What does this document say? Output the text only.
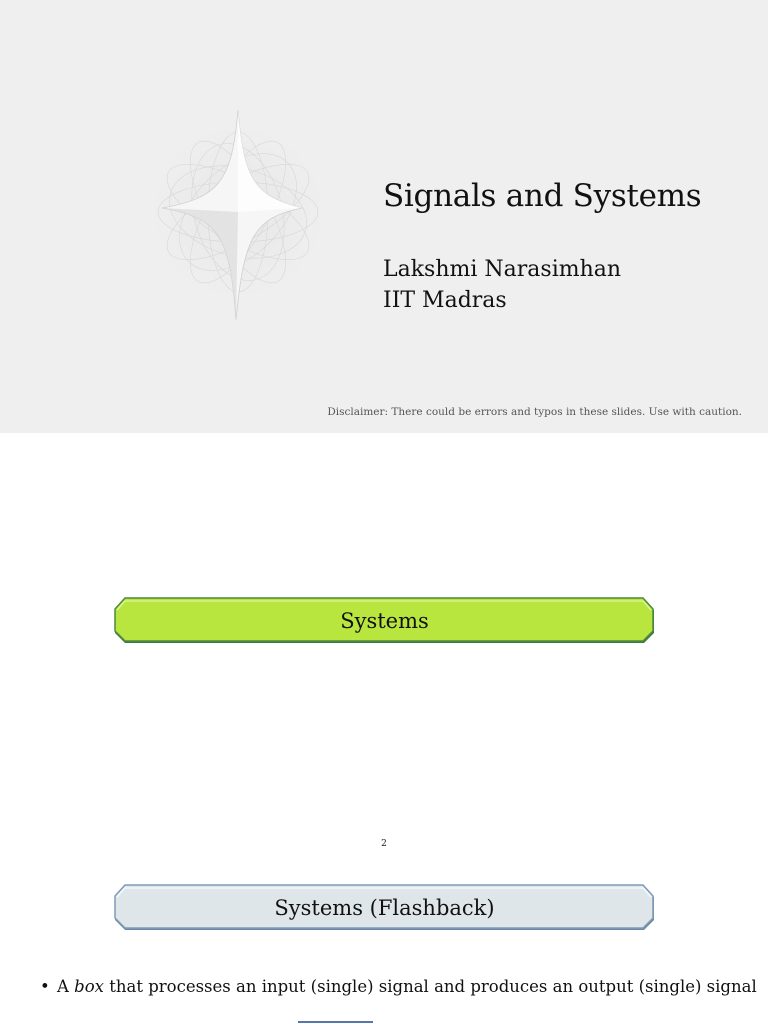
Signals and Systems
Lakshmi Narasimhan
IIT Madras
Disclaimer: There could be errors and typos in these slides. Use with caution.
Systems
2
Systems (Flashback)
• A box that processes an input (single) signal and produces an output (single) signal
